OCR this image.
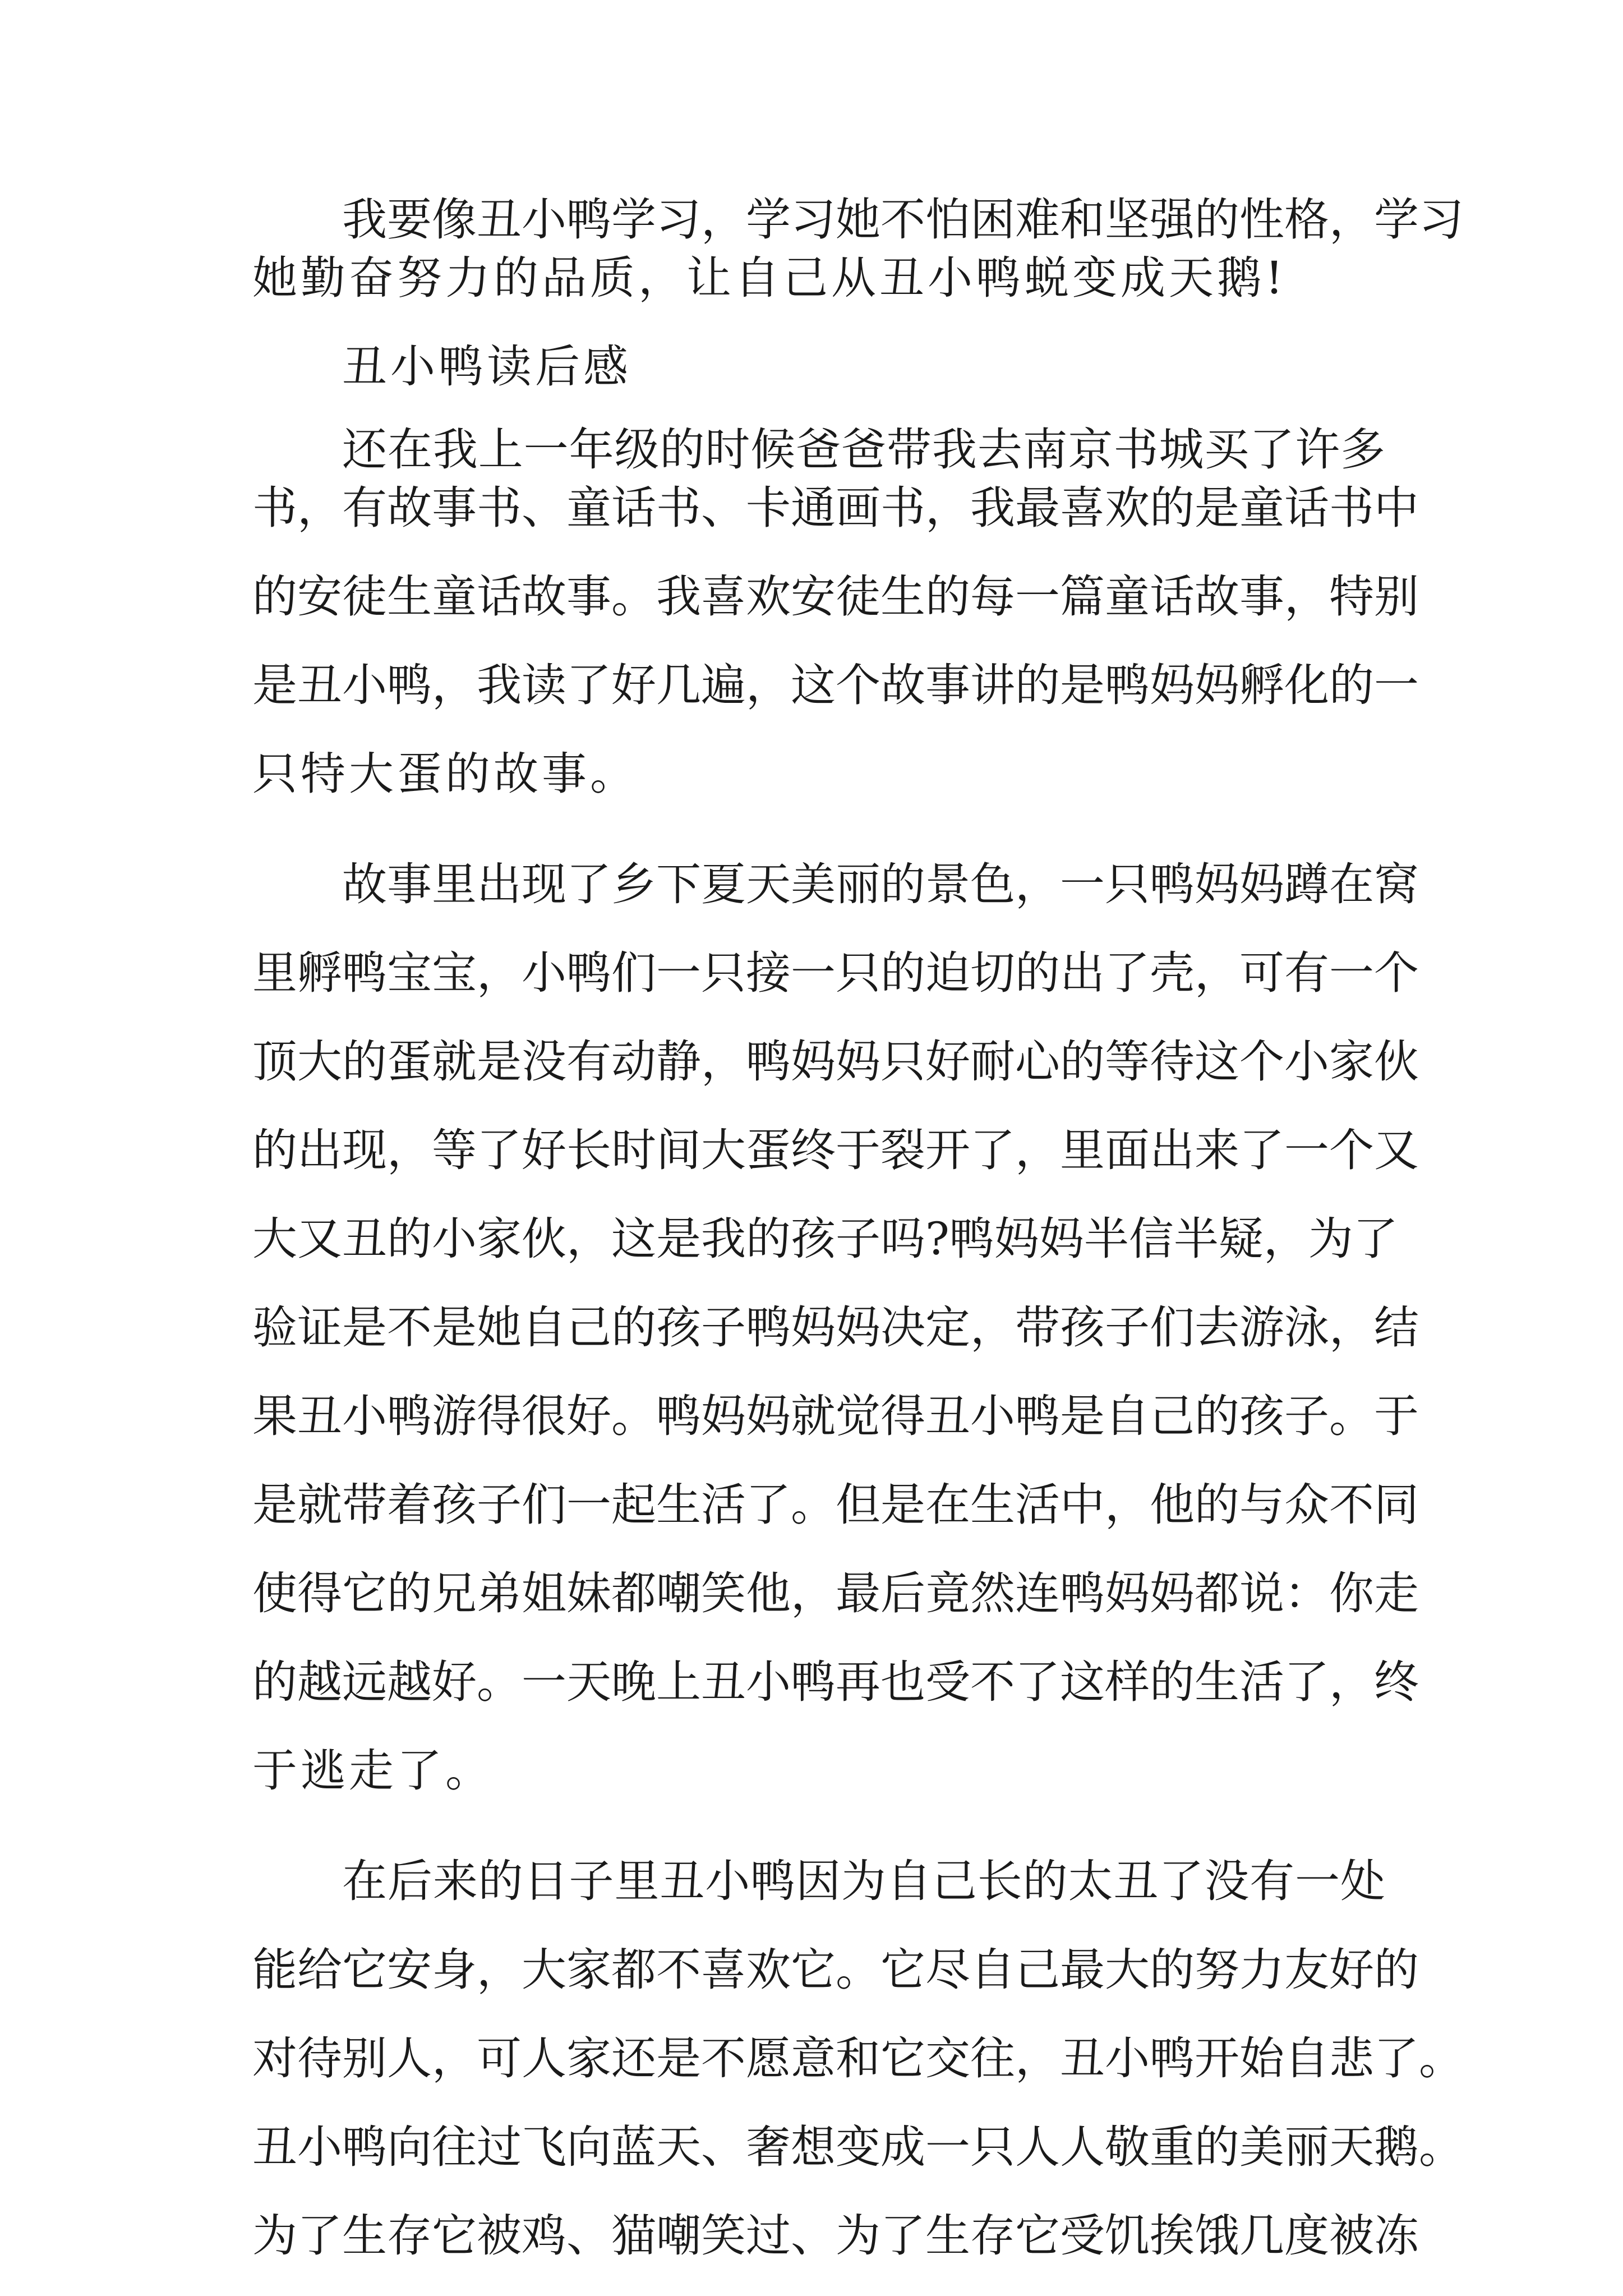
我要像丑小鸭学习，学习她不怕困难和坚强的性格，学习
她勤奋努力的品质，让自己从丑小鸭蜕变成天鹅!
丑小鸭读后感
还在我上一年级的时候爸爸带我去南京书城买了许多
书，有故事书、童话书、卡通画书，我最喜欢的是童话书中
的安徒生童话故事。我喜欢安徒生的每一篇童话故事，特别
是丑小鸭，我读了好几遍，这个故事讲的是鸭妈妈孵化的一
只特大蛋的故事。
故事里出现了乡下夏天美丽的景色，一只鸭妈妈蹲在窝
里孵鸭宝宝，小鸭们一只接一只的迫切的出了壳，可有一个
顶大的蛋就是没有动静，鸭妈妈只好耐心的等待这个小家伙
的出现，等了好长时间大蛋终于裂开了，里面出来了一个又
大又丑的小家伙，这是我的孩子吗?鸭妈妈半信半疑，为了
验证是不是她自己的孩子鸭妈妈决定，带孩子们去游泳，结
果丑小鸭游得很好。鸭妈妈就觉得丑小鸭是自己的孩子。于
是就带着孩子们一起生活了。但是在生活中，他的与众不同
使得它的兄弟姐妹都嘲笑他，最后竟然连鸭妈妈都说：你走
的越远越好。一天晚上丑小鸭再也受不了这样的生活了，终
于逃走了。
在后来的日子里丑小鸭因为自己长的太丑了没有一处
能给它安身，大家都不喜欢它。它尽自己最大的努力友好的
对待别人，可人家还是不愿意和它交往，丑小鸭开始自悲了。
丑小鸭向往过飞向蓝天、奢想变成一只人人敬重的美丽天鹅。
为了生存它被鸡、猫嘲笑过、为了生存它受饥挨饿几度被冻
